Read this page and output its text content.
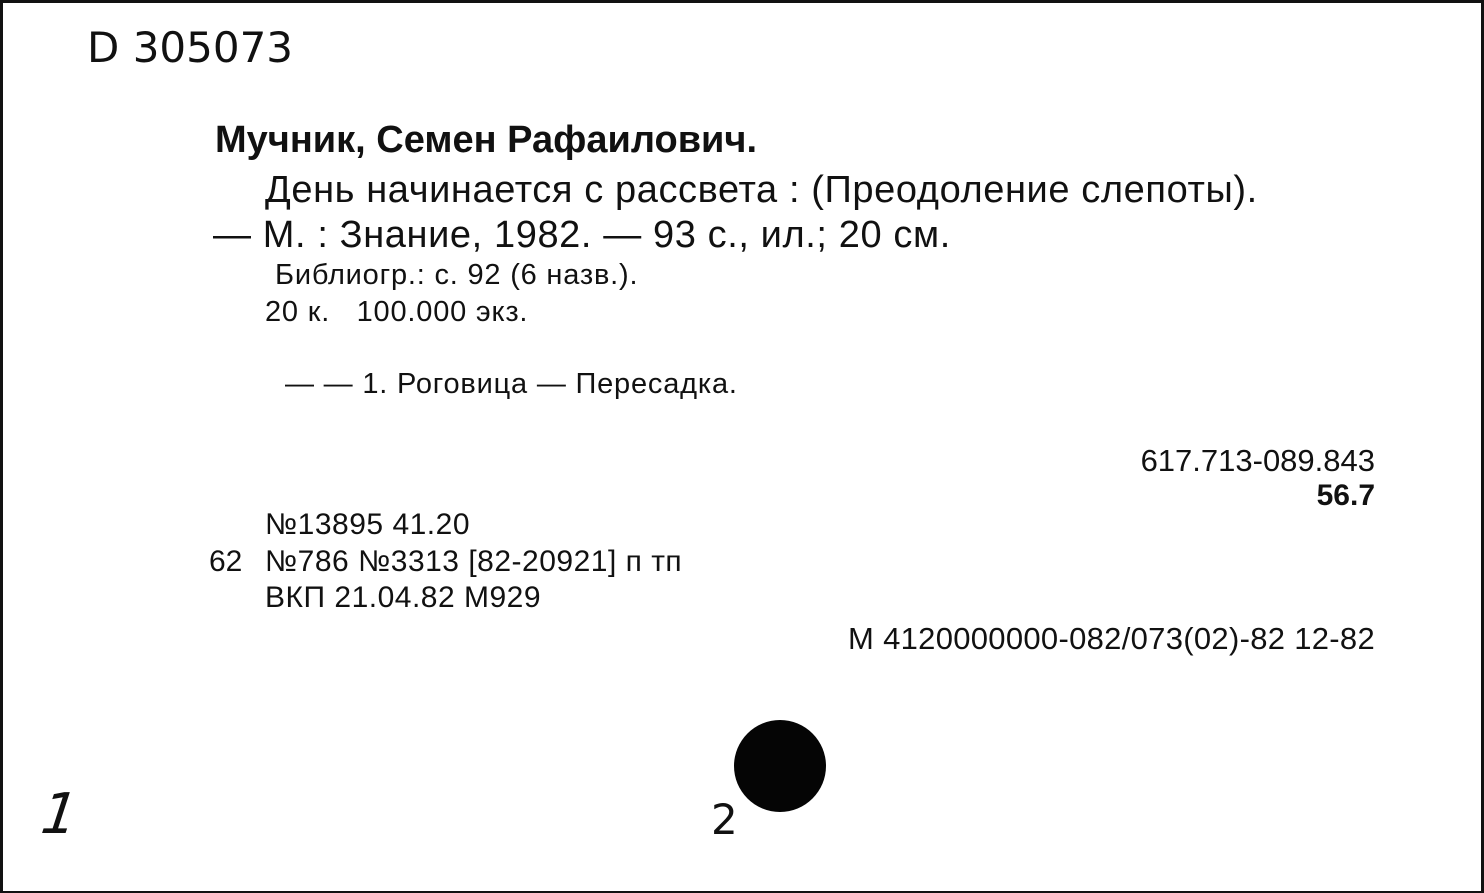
D 305073
Мучник, Семен Рафаилович.
День начинается с рассвета : (Преодоление слепоты).
— М. : Знание, 1982. — 93 с., ил.; 20 см.
Библиогр.: с. 92 (6 назв.).
20 к.   100.000 экз.
— — 1. Роговица — Пересадка.
617.713-089.843
56.7
№13895 41.20
62 №786 №3313 [82-20921] п тп
ВКП 21.04.82 М929
М 4120000000-082/073(02)-82 12-82
2
1
